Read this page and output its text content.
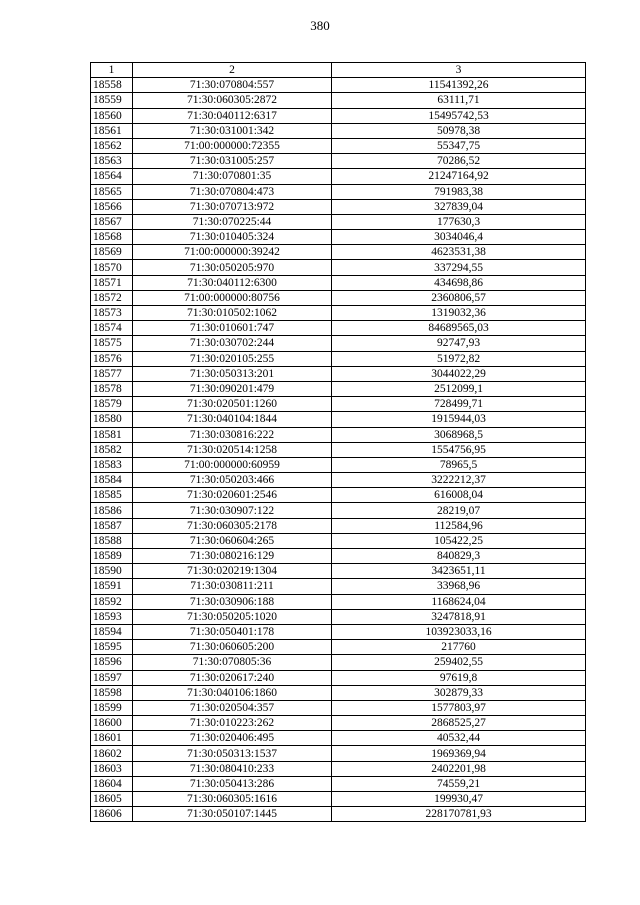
380
1	2	3
18558	71:30:070804:557	11541392,26
18559	71:30:060305:2872	63111,71
18560	71:30:040112:6317	15495742,53
18561	71:30:031001:342	50978,38
18562	71:00:000000:72355	55347,75
18563	71:30:031005:257	70286,52
18564	71:30:070801:35	21247164,92
18565	71:30:070804:473	791983,38
18566	71:30:070713:972	327839,04
18567	71:30:070225:44	177630,3
18568	71:30:010405:324	3034046,4
18569	71:00:000000:39242	4623531,38
18570	71:30:050205:970	337294,55
18571	71:30:040112:6300	434698,86
18572	71:00:000000:80756	2360806,57
18573	71:30:010502:1062	1319032,36
18574	71:30:010601:747	84689565,03
18575	71:30:030702:244	92747,93
18576	71:30:020105:255	51972,82
18577	71:30:050313:201	3044022,29
18578	71:30:090201:479	2512099,1
18579	71:30:020501:1260	728499,71
18580	71:30:040104:1844	1915944,03
18581	71:30:030816:222	3068968,5
18582	71:30:020514:1258	1554756,95
18583	71:00:000000:60959	78965,5
18584	71:30:050203:466	3222212,37
18585	71:30:020601:2546	616008,04
18586	71:30:030907:122	28219,07
18587	71:30:060305:2178	112584,96
18588	71:30:060604:265	105422,25
18589	71:30:080216:129	840829,3
18590	71:30:020219:1304	3423651,11
18591	71:30:030811:211	33968,96
18592	71:30:030906:188	1168624,04
18593	71:30:050205:1020	3247818,91
18594	71:30:050401:178	103923033,16
18595	71:30:060605:200	217760
18596	71:30:070805:36	259402,55
18597	71:30:020617:240	97619,8
18598	71:30:040106:1860	302879,33
18599	71:30:020504:357	1577803,97
18600	71:30:010223:262	2868525,27
18601	71:30:020406:495	40532,44
18602	71:30:050313:1537	1969369,94
18603	71:30:080410:233	2402201,98
18604	71:30:050413:286	74559,21
18605	71:30:060305:1616	199930,47
18606	71:30:050107:1445	228170781,93
